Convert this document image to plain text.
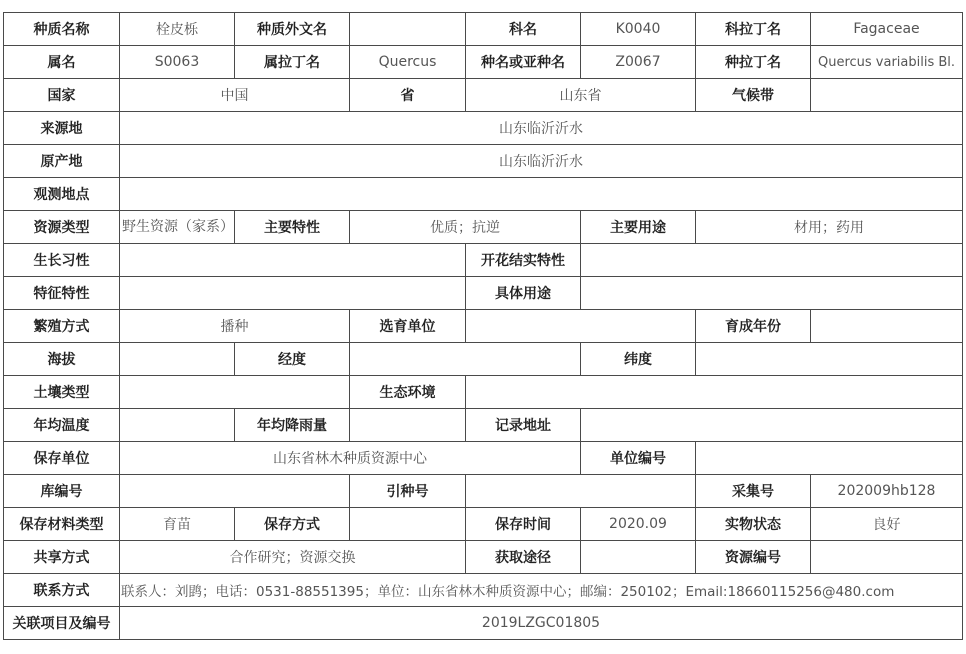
种质名称	栓皮栎	种质外文名		科名	K0040	科拉丁名	Fagaceae
属名	S0063	属拉丁名	Quercus	种名或亚种名	Z0067	种拉丁名	Quercus variabilis Bl.
国家	中国		省	山东省		气候带	
来源地	山东临沂沂水						
原产地	山东临沂沂水						
观测地点							
资源类型	野生资源（家系）	主要特性	优质；抗逆		主要用途	材用；药用	
生长习性				开花结实特性			
特征特性				具体用途			
繁殖方式	播种		选育单位			育成年份	
海拔		经度			纬度		
土壤类型			生态环境				
年均温度		年均降雨量		记录地址			
保存单位	山东省林木种质资源中心				单位编号		
库编号			引种号			采集号	202009hb128
保存材料类型	育苗	保存方式		保存时间	2020.09	实物状态	良好
共享方式	合作研究；资源交换			获取途径		资源编号	
联系方式	联系人：刘鹍；电话：0531-88551395；单位：山东省林木种质资源中心；邮编：250102；Email:18660115256@480.com						
关联项目及编号	2019LZGC01805						
